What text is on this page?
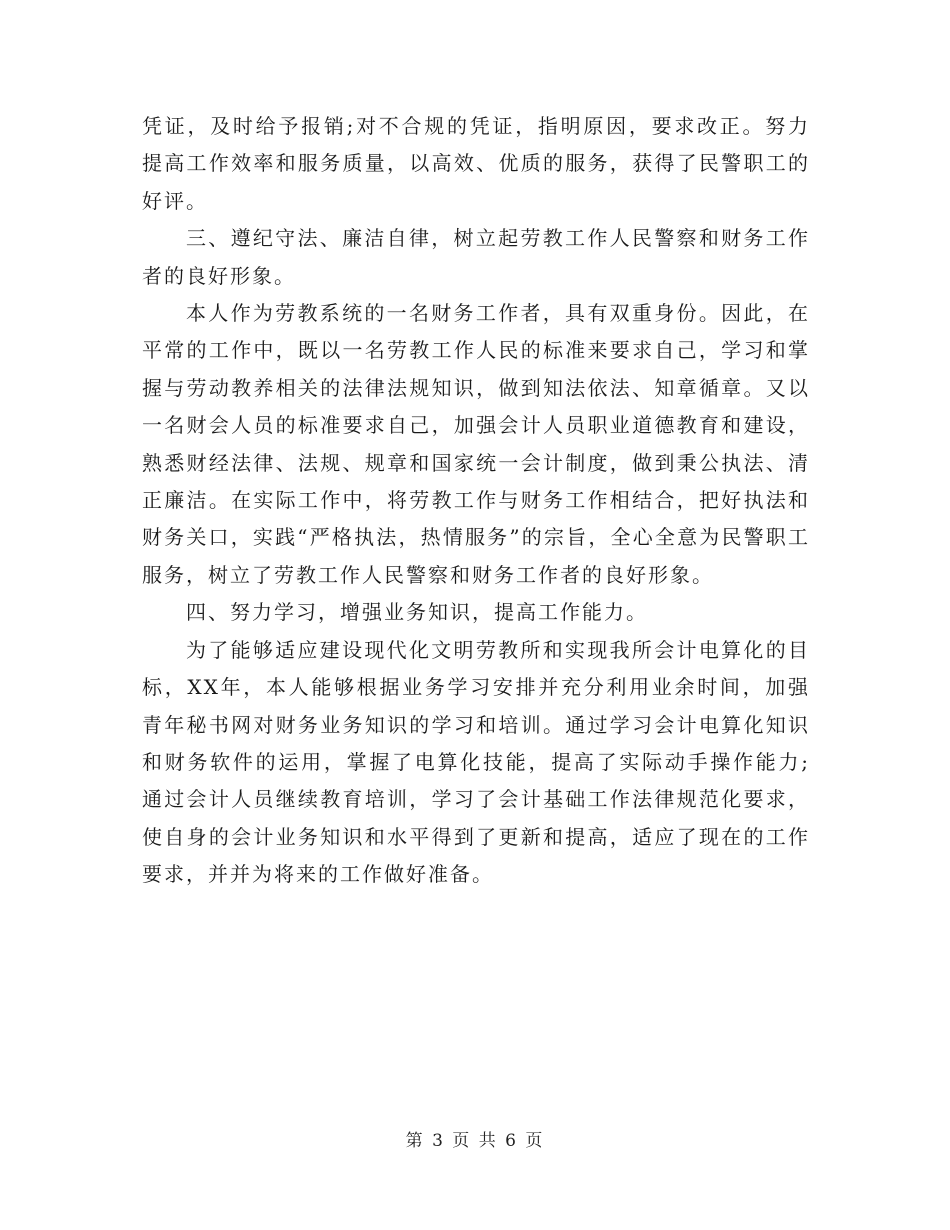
凭证，及时给予报销;对不合规的凭证，指明原因，要求改正。努力提高工作效率和服务质量，以高效、优质的服务，获得了民警职工的好评。

三、遵纪守法、廉洁自律，树立起劳教工作人民警察和财务工作者的良好形象。

本人作为劳教系统的一名财务工作者，具有双重身份。因此，在平常的工作中，既以一名劳教工作人民的标准来要求自己，学习和掌握与劳动教养相关的法律法规知识，做到知法依法、知章循章。又以一名财会人员的标准要求自己，加强会计人员职业道德教育和建设，熟悉财经法律、法规、规章和国家统一会计制度，做到秉公执法、清正廉洁。在实际工作中，将劳教工作与财务工作相结合，把好执法和财务关口，实践“严格执法，热情服务”的宗旨，全心全意为民警职工服务，树立了劳教工作人民警察和财务工作者的良好形象。

四、努力学习，增强业务知识，提高工作能力。

为了能够适应建设现代化文明劳教所和实现我所会计电算化的目标，XX年，本人能够根据业务学习安排并充分利用业余时间，加强青年秘书网对财务业务知识的学习和培训。通过学习会计电算化知识和财务软件的运用，掌握了电算化技能，提高了实际动手操作能力;通过会计人员继续教育培训，学习了会计基础工作法律规范化要求，使自身的会计业务知识和水平得到了更新和提高，适应了现在的工作要求，并并为将来的工作做好准备。

第 3 页 共 6 页
